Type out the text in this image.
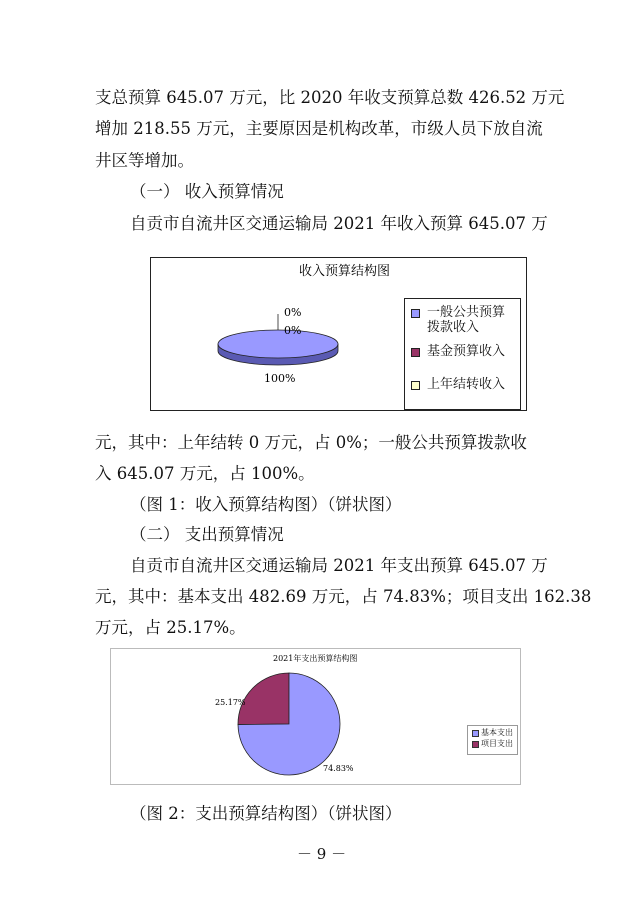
支总预算 645.07 万元，比 2020 年收支预算总数 426.52 万元
增加 218.55 万元，主要原因是机构改革，市级人员下放自流
井区等增加。
（一） 收入预算情况
自贡市自流井区交通运输局 2021 年收入预算 645.07 万
收入预算结构图
0%
0%
100%
一般公共预算拨款收入
基金预算收入
上年结转收入
元，其中：上年结转 0 万元，占 0%；一般公共预算拨款收
入 645.07 万元，占 100%。
（图 1：收入预算结构图）（饼状图）
（二） 支出预算情况
自贡市自流井区交通运输局 2021 年支出预算 645.07 万
元，其中：基本支出 482.69 万元，占 74.83%；项目支出 162.38
万元，占 25.17%。
2021年支出预算结构图
25.17%
74.83%
基本支出
项目支出
（图 2：支出预算结构图）（饼状图）
－ 9 －
